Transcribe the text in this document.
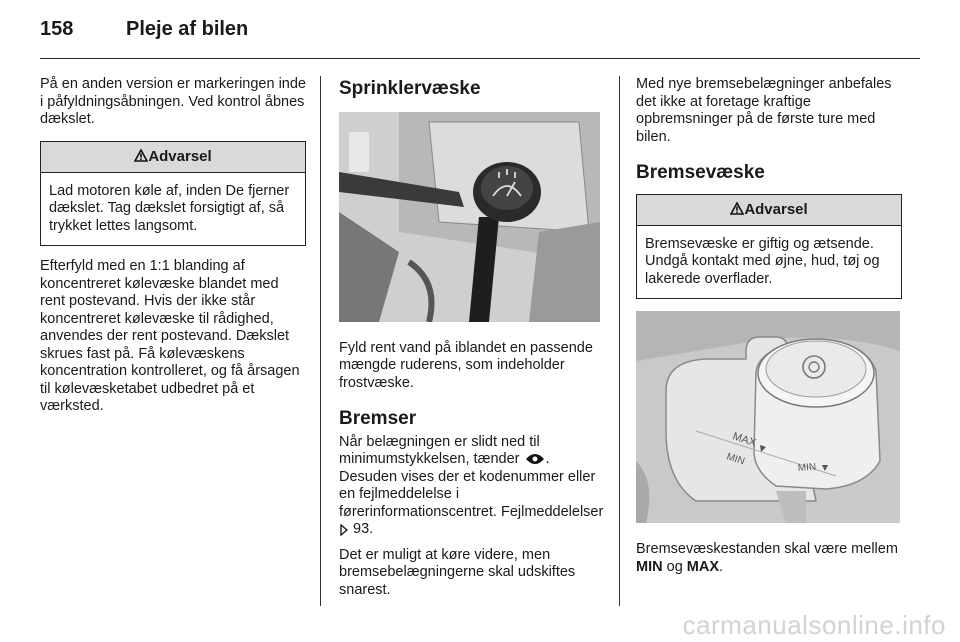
158	Pleje af bilen

På en anden version er markeringen inde i påfyldningsåbningen. Ved kontrol åbnes dækslet.

Advarsel
Lad motoren køle af, inden De fjerner dækslet. Tag dækslet forsigtigt af, så trykket lettes langsomt.

Efterfyld med en 1:1 blanding af koncentreret kølevæske blandet med rent postevand. Hvis der ikke står koncentreret kølevæske til rådighed, anvendes der rent postevand. Dækslet skrues fast på. Få kølevæskens koncentration kontrolleret, og få årsagen til kølevæsketabet udbedret på et værksted.

Sprinklervæske

Fyld rent vand på iblandet en passende mængde ruderens, som indeholder frostvæske.

Bremser

Når belægningen er slidt ned til minimumstykkelsen, tænder . Desuden vises der et kodenummer eller en fejlmeddelelse i førerinformationscentret. Fejlmeddelelser  93.

Det er muligt at køre videre, men bremsebelægningerne skal udskiftes snarest.

Med nye bremsebelægninger anbefales det ikke at foretage kraftige opbremsninger på de første ture med bilen.

Bremsevæske
Advarsel
Bremsevæske er giftig og ætsende. Undgå kontakt med øjne, hud, tøj og lakerede overflader.
MAX
MIN
MIN

Bremsevæskestanden skal være mellem MIN og MAX.

carmanualsonline.info
